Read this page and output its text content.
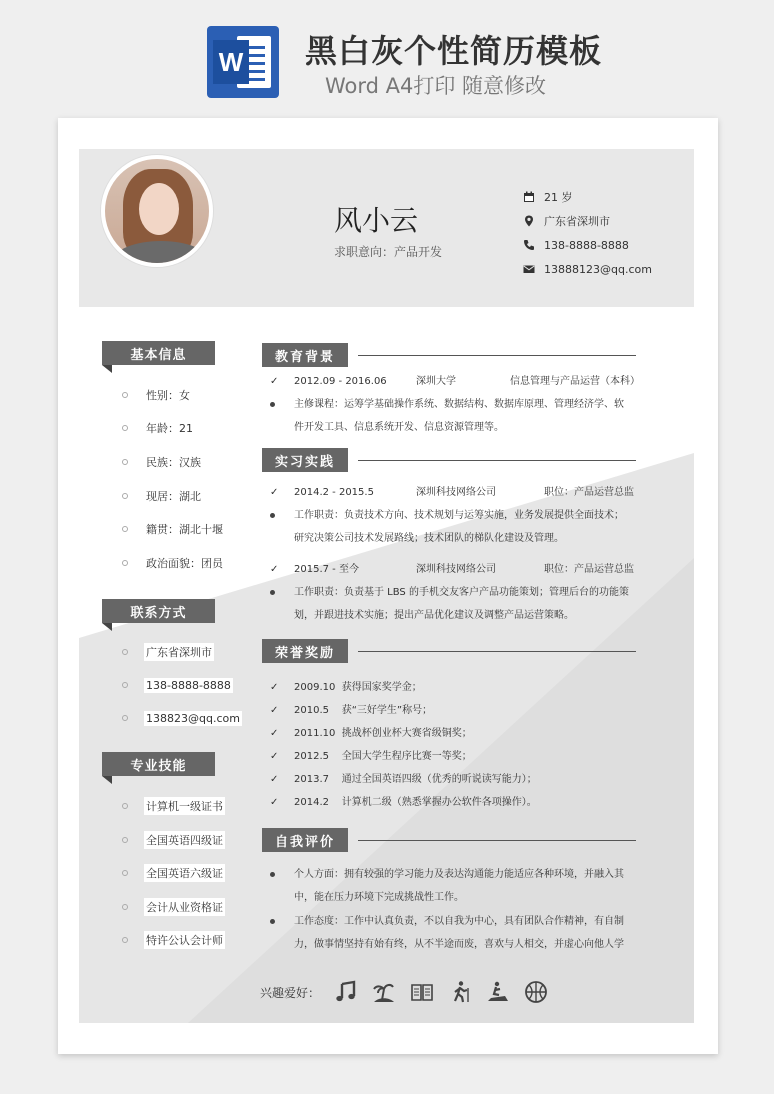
W 黑白灰个性简历模板
Word A4打印 随意修改
风小云
求职意向：产品开发
21 岁
广东省深圳市
138-8888-8888
13888123@qq.com
基本信息
性别：女
年龄：21
民族：汉族
现居：湖北
籍贯：湖北十堰
政治面貌：团员
联系方式
广东省深圳市
138-8888-8888
138823@qq.com
专业技能
计算机一级证书
全国英语四级证
全国英语六级证
会计从业资格证
特许公认会计师
教育背景
✓	2012.09 - 2016.06	深圳大学	信息管理与产品运营（本科）
主修课程：运筹学基础操作系统、数据结构、数据库原理、管理经济学、软
件开发工具、信息系统开发、信息资源管理等。
实习实践
✓	2014.2 - 2015.5	深圳科技网络公司	职位：产品运营总监
工作职责：负责技术方向、技术规划与运筹实施，业务发展提供全面技术；
研究决策公司技术发展路线；技术团队的梯队化建设及管理。
✓	2015.7 - 至今	深圳科技网络公司	职位：产品运营总监
工作职责：负责基于 LBS 的手机交友客户产品功能策划；管理后台的功能策
划，并跟进技术实施；提出产品优化建议及调整产品运营策略。
荣誉奖励
✓	2009.10  获得国家奖学金；
✓	2010.5    获“三好学生”称号；
✓	2011.10  挑战杯创业杯大赛省级铜奖；
✓	2012.5    全国大学生程序比赛一等奖；
✓	2013.7    通过全国英语四级（优秀的听说读写能力）；
✓	2014.2    计算机二级（熟悉掌握办公软件各项操作）。
自我评价
个人方面：拥有较强的学习能力及表达沟通能力能适应各种环境，并融入其
中，能在压力环境下完成挑战性工作。
工作态度：工作中认真负责，不以自我为中心，具有团队合作精神，有自制
力，做事情坚持有始有终，从不半途而废，喜欢与人相交，并虚心向他人学
兴趣爱好：
